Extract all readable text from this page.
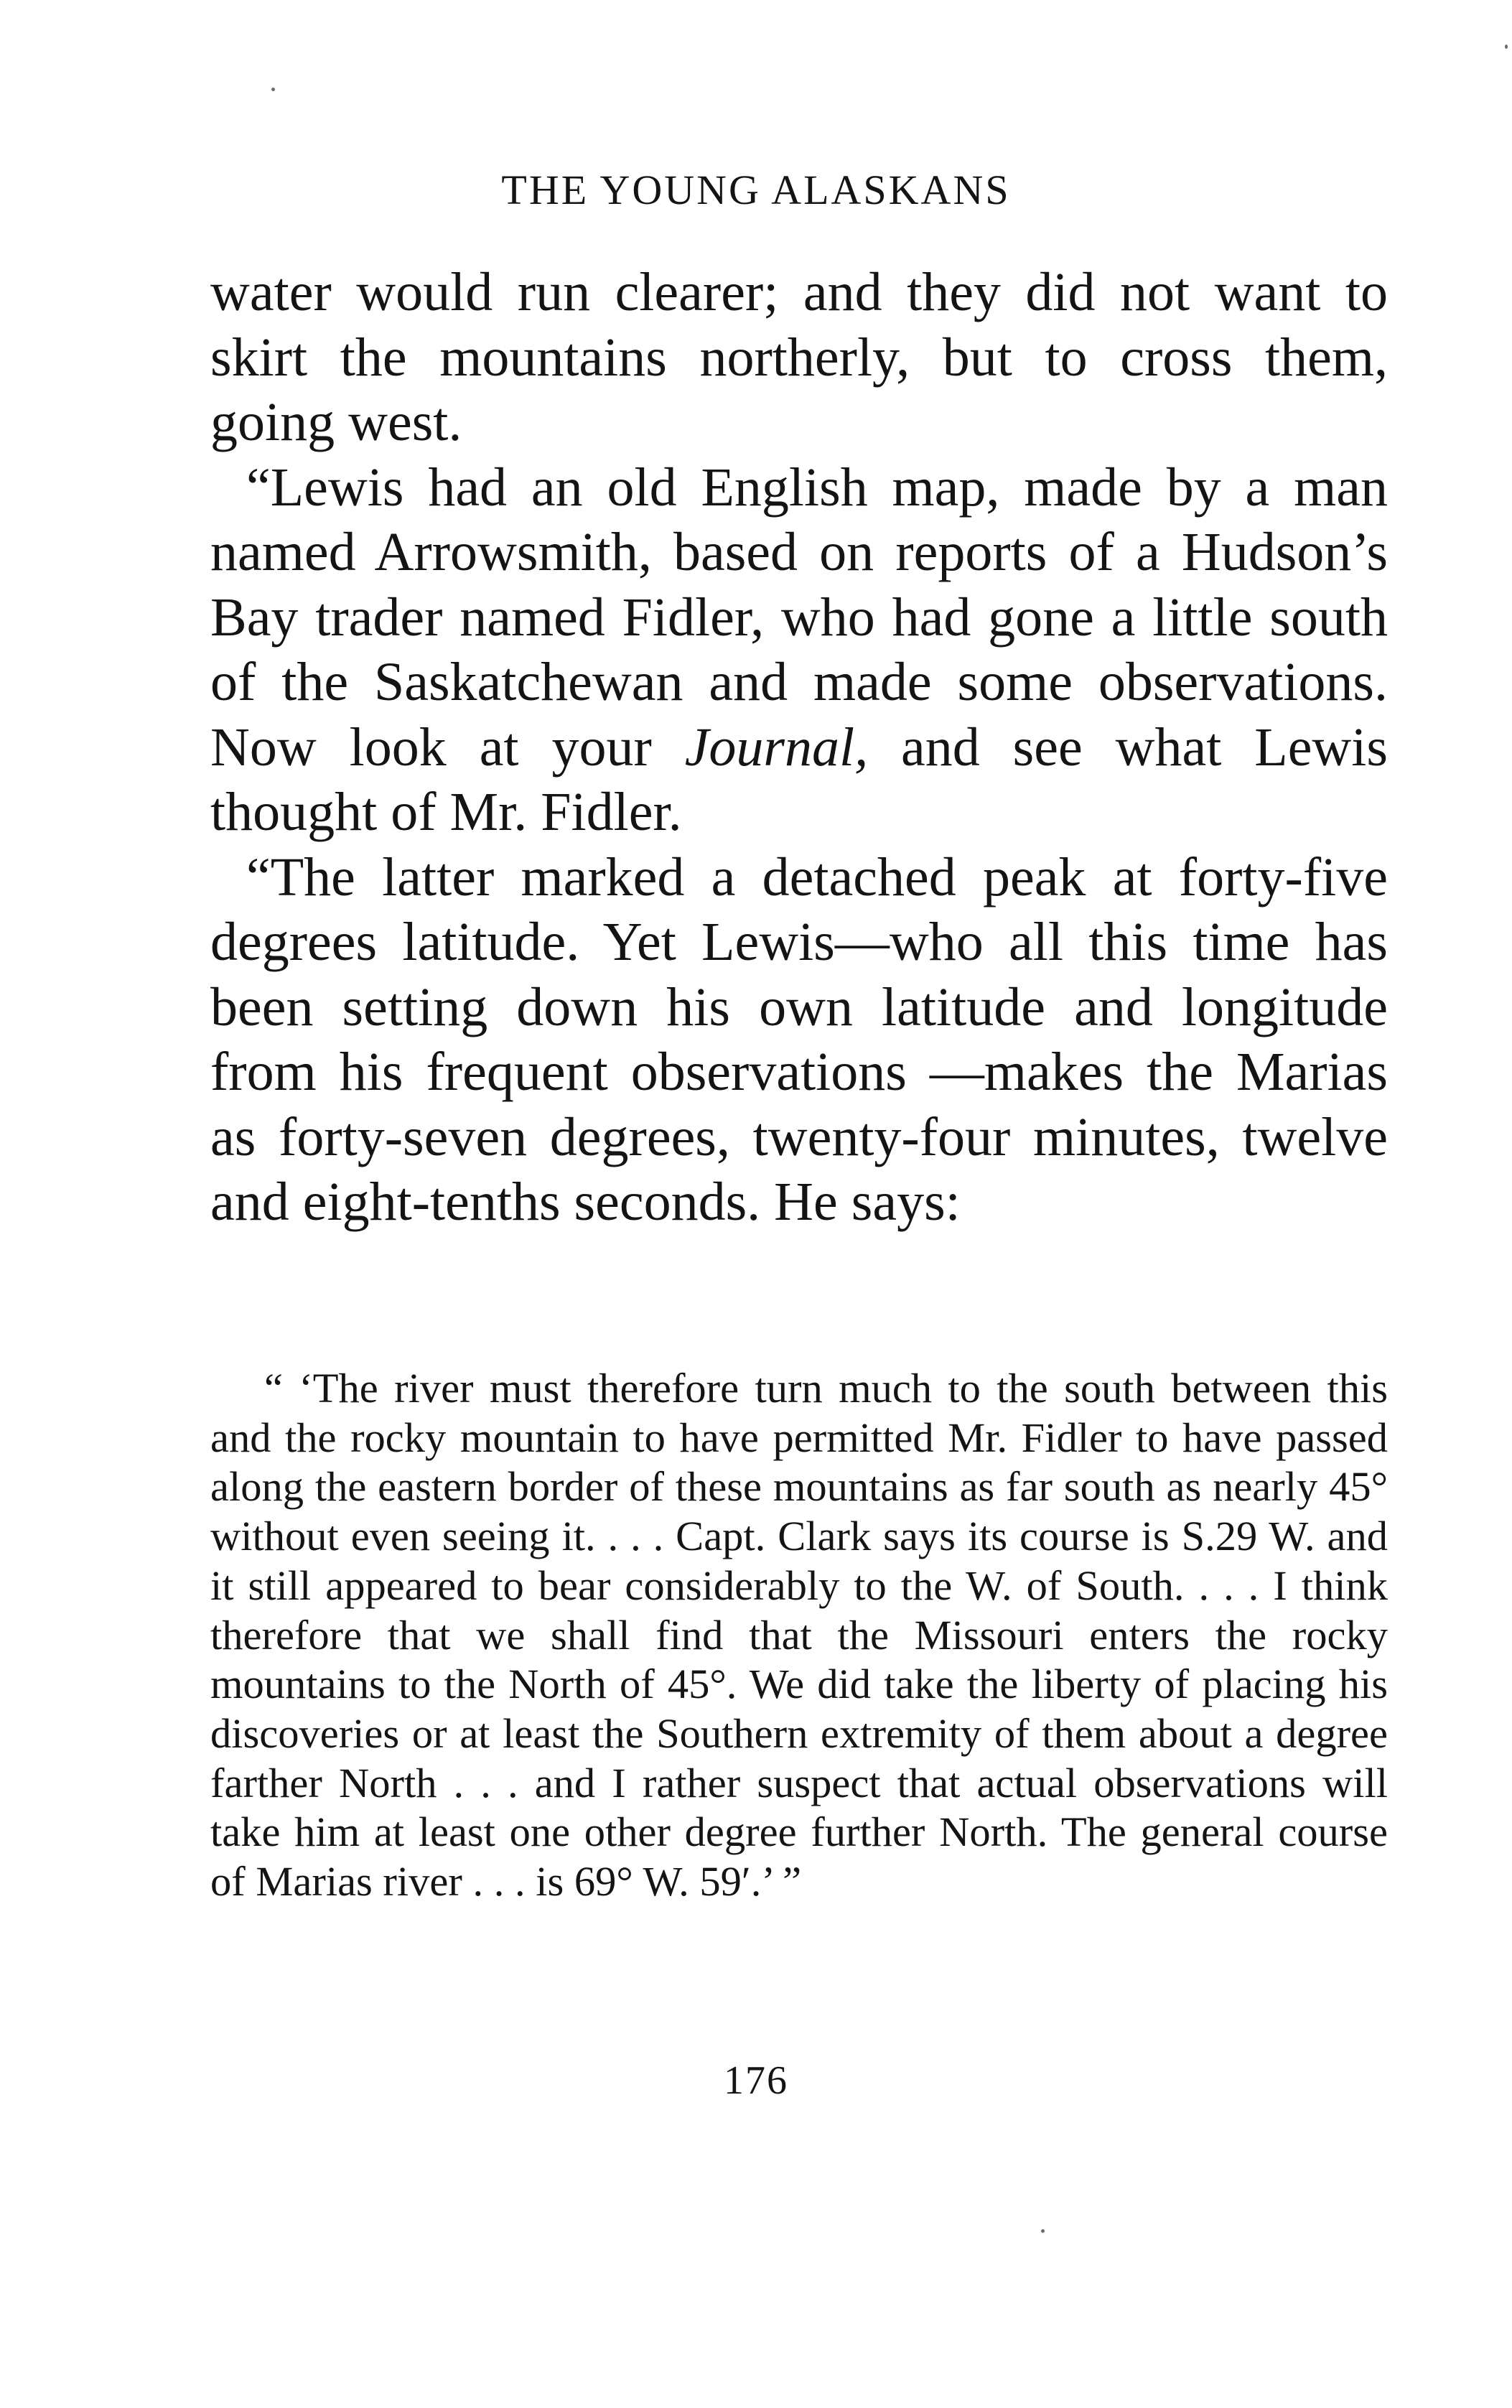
THE YOUNG ALASKANS

water would run clearer; and they did not want to skirt the mountains northerly, but to cross them, going west.

“Lewis had an old English map, made by a man named Arrowsmith, based on reports of a Hudson’s Bay trader named Fidler, who had gone a little south of the Saskatchewan and made some observations. Now look at your Journal, and see what Lewis thought of Mr. Fidler.

“The latter marked a detached peak at forty-five degrees latitude. Yet Lewis—who all this time has been setting down his own latitude and longitude from his frequent observations —makes the Marias as forty-seven degrees, twenty-four minutes, twelve and eight-tenths seconds. He says:

“ ‘The river must therefore turn much to the south between this and the rocky mountain to have permitted Mr. Fidler to have passed along the eastern border of these mountains as far south as nearly 45° without even seeing it. . . . Capt. Clark says its course is S.29 W. and it still appeared to bear considerably to the W. of South. . . . I think therefore that we shall find that the Missouri enters the rocky mountains to the North of 45°. We did take the liberty of placing his discoveries or at least the Southern extremity of them about a degree farther North . . . and I rather suspect that actual observations will take him at least one other degree further North. The general course of Marias river . . . is 69° W. 59′.’ ”

176
